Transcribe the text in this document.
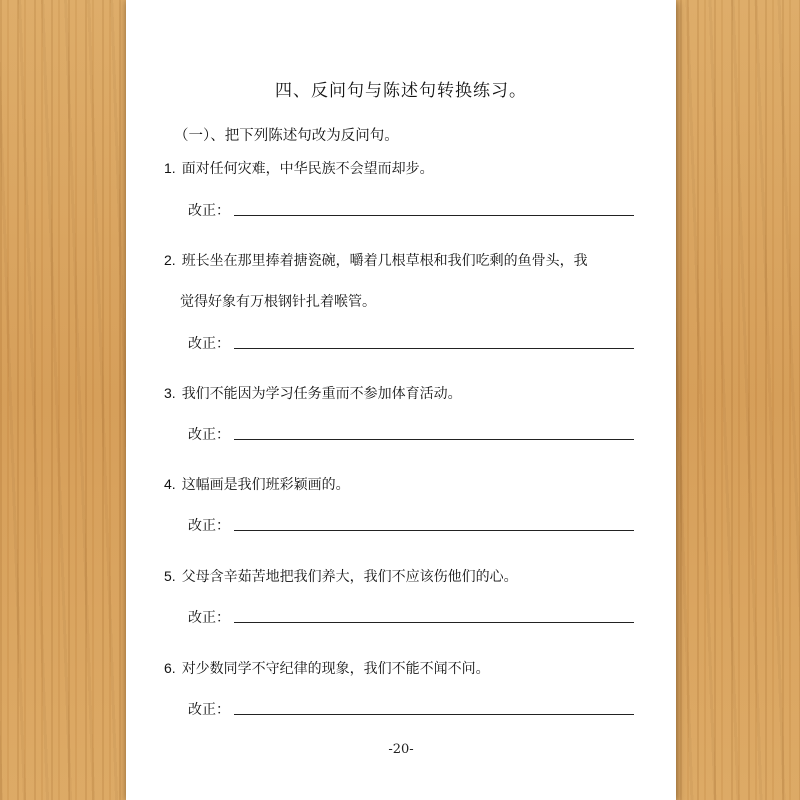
四、反问句与陈述句转换练习。
（一）、把下列陈述句改为反问句。
1. 面对任何灾难，中华民族不会望而却步。
改正：
2. 班长坐在那里捧着搪瓷碗，嚼着几根草根和我们吃剩的鱼骨头，我
觉得好象有万根钢针扎着喉管。
改正：
3. 我们不能因为学习任务重而不参加体育活动。
改正：
4. 这幅画是我们班彩颖画的。
改正：
5. 父母含辛茹苦地把我们养大，我们不应该伤他们的心。
改正：
6. 对少数同学不守纪律的现象，我们不能不闻不问。
改正：
-20-
